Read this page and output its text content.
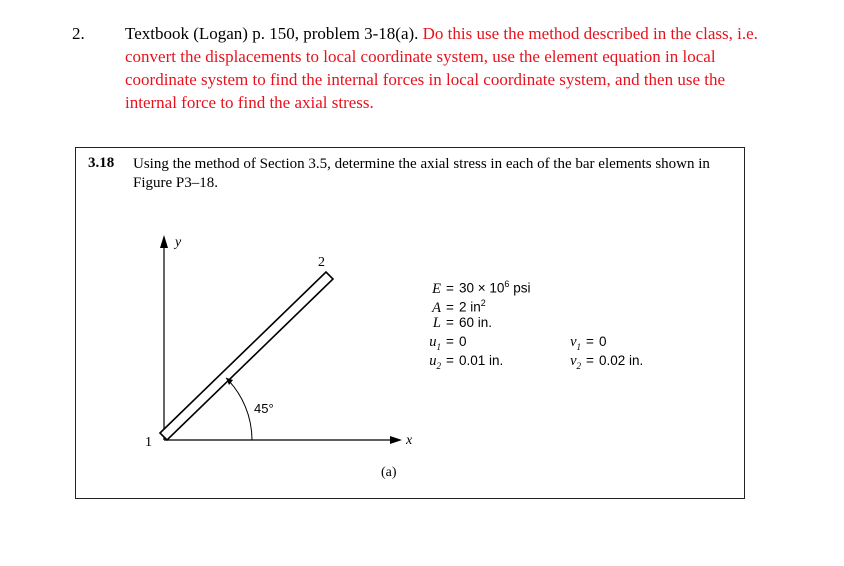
2. Textbook (Logan) p. 150, problem 3-18(a). Do this use the method described in the class, i.e. convert the displacements to local coordinate system, use the element equation in local coordinate system to find the internal forces in local coordinate system, and then use the internal force to find the axial stress.
3.18 Using the method of Section 3.5, determine the axial stress in each of the bar elements shown in Figure P3–18.
y
x
1
2
45°
$E = 30 \times 10^6$ psi
A = 2 $in^2$
L = 60 in.
$u_1 = 0$	$v_1 = 0$
$u_2 = 0.01$ in.	$v_2 = 0.02$ in.
(a)
